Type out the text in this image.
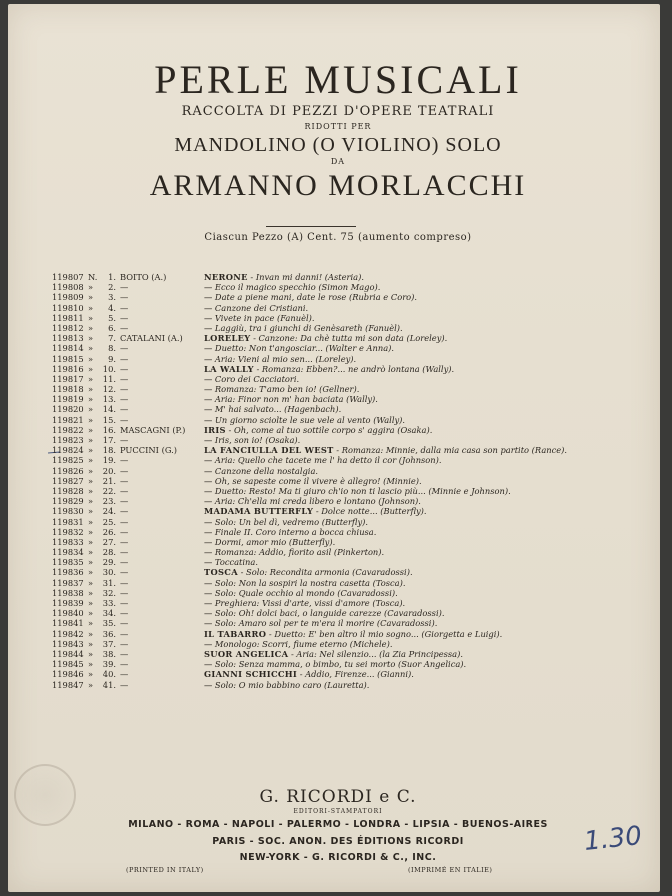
PERLE MUSICALI
RACCOLTA DI PEZZI D'OPERE TEATRALI
RIDOTTI PER
MANDOLINO (O VIOLINO) SOLO
DA
ARMANNO MORLACCHI
Ciascun Pezzo (A) Cent. 75 (aumento compreso)
119807 N.	1. BOITO (A.)	NERONE - Invan mi danni! (Asteria).
119808 »	2. —	— Ecco il magico specchio (Simon Mago).
119809 »	3. —	— Date a piene mani, date le rose (Rubria e Coro).
119810 »	4. —	— Canzone dei Cristiani.
119811 »	5. —	— Vivete in pace (Fanuèl).
119812 »	6. —	— Laggiù, tra i giunchi di Genèsareth (Fanuèl).
119813 »	7. CATALANI (A.)	LORELEY - Canzone: Da chè tutta mi son data (Loreley).
119814 »	8. —	— Duetto: Non t'angosciar... (Walter e Anna).
119815 »	9. —	— Aria: Vieni al mio sen... (Loreley).
119816 »	10. —	LA WALLY - Romanza: Ebben?... ne andrò lontana (Wally).
119817 »	11. —	— Coro dei Cacciatori.
119818 »	12. —	— Romanza: T'amo ben io! (Gellner).
119819 »	13. —	— Aria: Finor non m' han baciata (Wally).
119820 »	14. —	— M' hai salvato... (Hagenbach).
119821 »	15. —	— Un giorno sciolte le sue vele al vento (Wally).
119822 »	16. MASCAGNI (P.)	IRIS - Oh, come al tuo sottile corpo s' aggira (Osaka).
119823 »	17. —	— Iris, son io! (Osaka).
119824 »	18. PUCCINI (G.)	LA FANCIULLA DEL WEST - Romanza: Minnie, dalla mia casa son partito (Rance).
119825 »	19. —	— Aria: Quello che tacete me l' ha detto il cor (Johnson).
119826 »	20. —	— Canzone della nostalgia.
119827 »	21. —	— Oh, se sapeste come il vivere è allegro! (Minnie).
119828 »	22. —	— Duetto: Resto! Ma ti giuro ch'io non ti lascio più... (Minnie e Johnson).
119829 »	23. —	— Aria: Ch'ella mi creda libero e lontano (Johnson).
119830 »	24. —	MADAMA BUTTERFLY - Dolce notte... (Butterfly).
119831 »	25. —	— Solo: Un bel dì, vedremo (Butterfly).
119832 »	26. —	— Finale II. Coro interno a bocca chiusa.
119833 »	27. —	— Dormi, amor mio (Butterfly).
119834 »	28. —	— Romanza: Addio, fiorito asil (Pinkerton).
119835 »	29. —	— Toccatina.
119836 »	30. —	TOSCA - Solo: Recondita armonia (Cavaradossi).
119837 »	31. —	— Solo: Non la sospiri la nostra casetta (Tosca).
119838 »	32. —	— Solo: Quale occhio al mondo (Cavaradossi).
119839 »	33. —	— Preghiera: Vissi d'arte, vissi d'amore (Tosca).
119840 »	34. —	— Solo: Oh! dolci baci, o languide carezze (Cavaradossi).
119841 »	35. —	— Solo: Amaro sol per te m'era il morire (Cavaradossi).
119842 »	36. —	IL TABARRO - Duetto: E' ben altro il mio sogno... (Giorgetta e Luigi).
119843 »	37. —	— Monologo: Scorri, fiume eterno (Michele).
119844 »	38. —	SUOR ANGELICA - Aria: Nel silenzio... (la Zia Principessa).
119845 »	39. —	— Solo: Senza mamma, o bimbo, tu sei morto (Suor Angelica).
119846 »	40. —	GIANNI SCHICCHI - Addio, Firenze... (Gianni).
119847 »	41. —	— Solo: O mio babbino caro (Lauretta).
G. RICORDI e C.
EDITORI-STAMPATORI
MILANO - ROMA - NAPOLI - PALERMO - LONDRA - LIPSIA - BUENOS-AIRES
PARIS - SOC. ANON. DES ÉDITIONS RICORDI
NEW-YORK - G. RICORDI & C., INC.
(PRINTED IN ITALY)	(IMPRIMÉ EN ITALIE)
1.30
